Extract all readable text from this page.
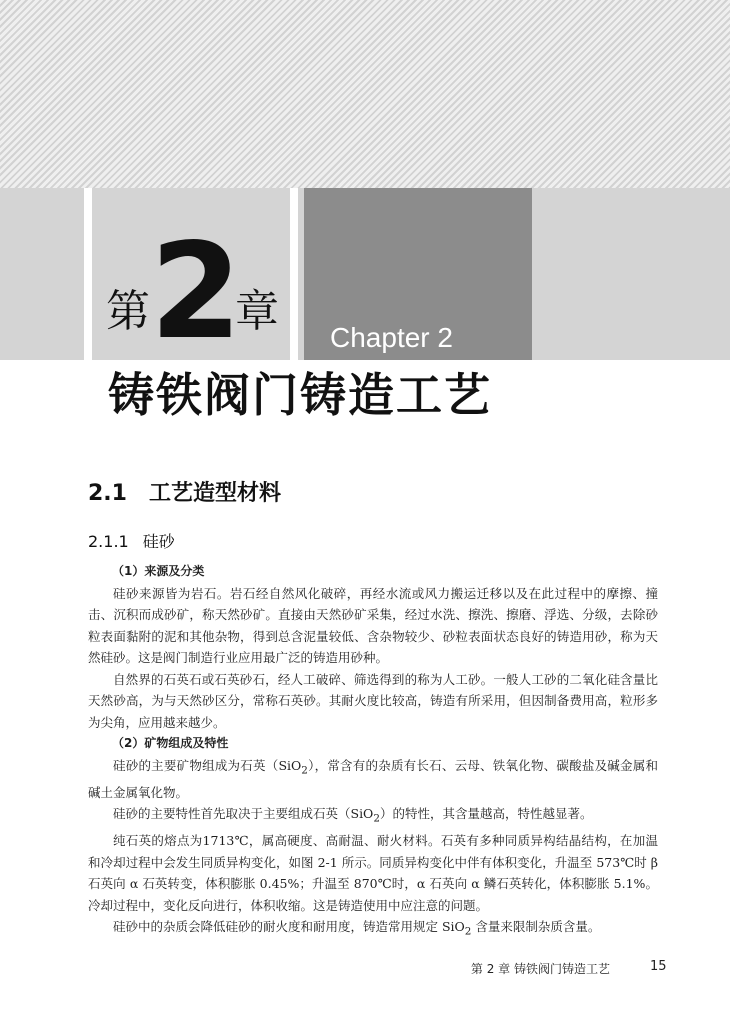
第 2
章
Chapter 2
铸铁阀门铸造工艺
2.1 工艺造型材料
2.1.1 硅砂
（1）来源及分类

硅砂来源皆为岩石。岩石经自然风化破碎，再经水流或风力搬运迁移以及在此过程中的摩擦、撞击、沉积而成砂矿，称天然砂矿。直接由天然砂矿采集，经过水洗、擦洗、擦磨、浮选、分级，去除砂粒表面黏附的泥和其他杂物，得到总含泥量较低、含杂物较少、砂粒表面状态良好的铸造用砂，称为天然硅砂。这是阀门制造行业应用最广泛的铸造用砂种。

自然界的石英石或石英砂石，经人工破碎、筛选得到的称为人工砂。一般人工砂的二氧化硅含量比天然砂高，为与天然砂区分，常称石英砂。其耐火度比较高，铸造有所采用，但因制备费用高，粒形多为尖角，应用越来越少。

（2）矿物组成及特性

硅砂的主要矿物组成为石英（SiO$_2$），常含有的杂质有长石、云母、铁氧化物、碳酸盐及碱金属和碱土金属氧化物。

硅砂的主要特性首先取决于主要组成石英（SiO$_2$）的特性，其含量越高，特性越显著。

纯石英的熔点为1713℃，属高硬度、高耐温、耐火材料。石英有多种同质异构结晶结构，在加温和冷却过程中会发生同质异构变化，如图 2-1 所示。同质异构变化中伴有体积变化，升温至 573℃时 β 石英向 α 石英转变，体积膨胀 0.45%；升温至 870℃时，α 石英向 α 鳞石英转化，体积膨胀 5.1%。冷却过程中，变化反向进行，体积收缩。这是铸造使用中应注意的问题。

硅砂中的杂质会降低硅砂的耐火度和耐用度，铸造常用规定 SiO$_2$ 含量来限制杂质含量。

第 2 章 铸铁阀门铸造工艺	15
